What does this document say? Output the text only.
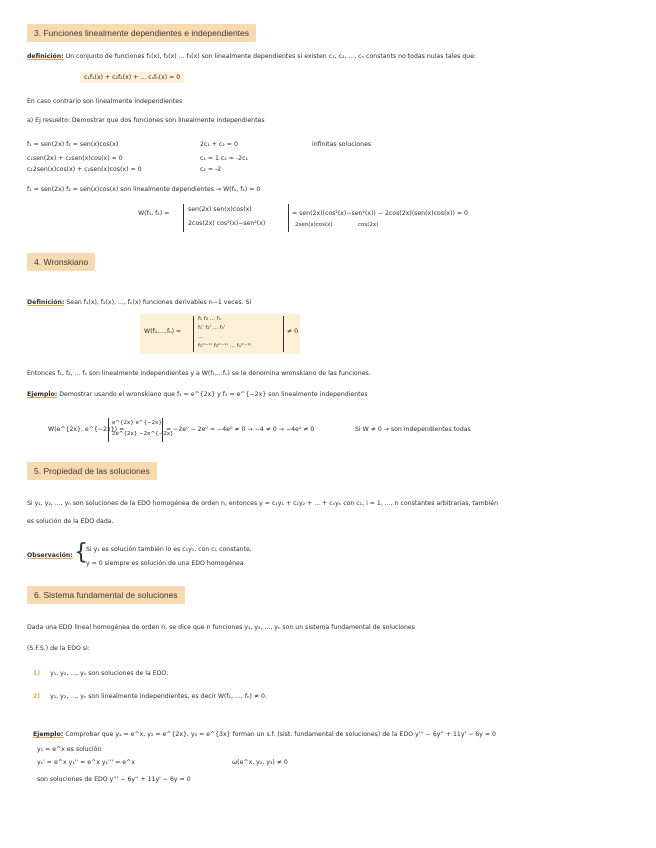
3. Funciones linealmente dependientes e independientes
definición: Un conjunto de funciones f₁(x), f₂(x) ... f₃(x) son linealmente dependientes si existen c₁, c₂, ..., cₙ constants no todas nulas tales que:
c₁f₁(x) + c₂f₂(x) + ... cₙfₙ(x) = 0
En caso contrario son linealmente independientes
a) Ej resuelto: Demostrar que dos funciones son linealmente independientes
f₁ = sen(2x) f₂ = sen(x)cos(x)	2c₁ + c₂ = 0	infinitas soluciones
c₁sen(2x) + c₂sen(x)cos(x) = 0	c₁ = 1 c₂ = -2c₁
c₁2sen(x)cos(x) + c₂sen(x)cos(x) = 0	c₂ = -2
f₁ = sen(2x) f₂ = sen(x)cos(x) son linealmente dependientes → W(f₁, f₂) = 0
W(f₁, f₂) =
sen(2x) sen(x)cos(x)
2cos(2x) cos²(x)−sen²(x)
= sen(2x)(cos²(x)−sen²(x)) − 2cos(2x)(sen(x)cos(x)) = 0
2sen(x)cos(x)	cos(2x)
4. Wronskiano
Definición: Sean f₁(x), f₂(x), ..., fₙ(x) funciones derivables n−1 veces. Si
W(f₁,...,fₙ) =
f₁ f₂ ... fₙ
f₁' f₂' ... fₙ'
...
f₁⁽ⁿ⁻¹⁾ f₂⁽ⁿ⁻¹⁾ ... fₙ⁽ⁿ⁻¹⁾
≠ 0
Entonces f₁, f₂, ... fₙ son linealmente independientes y a W(f₁,...fₙ) se le denomina wronskiano de las funciones.
Ejemplo: Demostrar usando el wronskiano que f₁ = e^{2x} y f₂ = e^{−2x} son linealmente independientes
W(e^{2x}, e^{−2x}) =
e^{2x} e^{−2x}
2e^{2x} −2e^{−2x}
= −2e⁰ − 2e⁰ = −4e⁰ ≠ 0 → −4 ≠ 0 → −4e⁰ ≠ 0	Si W ≠ 0 → son independientes todas
5. Propiedad de las soluciones
Si y₁, y₂, ..., yₙ son soluciones de la EDO homogénea de orden n, entonces y = c₁y₁ + c₂y₂ + ... + cₙyₙ con c₁, i = 1, ..., n constantes arbitrarias, también
es solución de la EDO dada.
Observación: {
Si y₁ es solución también lo es c₁y₁, con c₁ constante,
y = 0 siempre es solución de una EDO homogénea.
6. Sistema fundamental de soluciones
Dada una EDO lineal homogénea de orden n, se dice que n funciones y₁, y₂, ..., yₙ son un sistema fundamental de soluciones
(S.F.S.) de la EDO si:
1) y₁, y₂, ..., yₙ son soluciones de la EDO,
2) y₁, y₂, ..., yₙ son linealmente independientes, es decir W(f₁, ..., fₙ) ≠ 0.
Ejemplo: Comprobar que y₁ = e^x, y₂ = e^{2x}, y₃ = e^{3x} forman un s.f. (sist. fundamental de soluciones) de la EDO y''' − 6y'' + 11y' − 6y = 0
y₁ = e^x es solución
y₁' = e^x y₁'' = e^x y₁''' = e^x	ω(e^x, y₂, y₃) ≠ 0
son soluciones de EDO y''' − 6y'' + 11y' − 6y = 0
